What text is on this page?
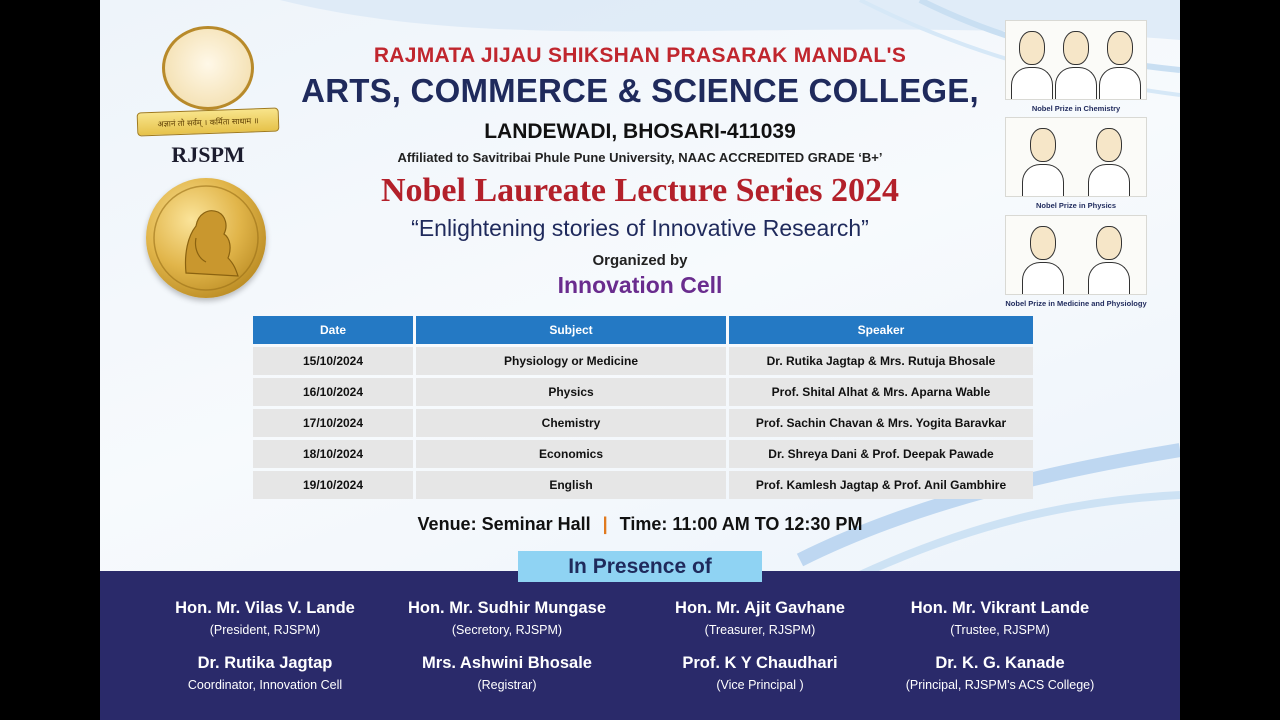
अज्ञानं तो सर्वम् । कर्मिता साधाम ॥
RJSPM
RAJMATA JIJAU SHIKSHAN PRASARAK MANDAL'S
ARTS, COMMERCE & SCIENCE COLLEGE,
LANDEWADI, BHOSARI-411039
Affiliated to Savitribai Phule Pune University, NAAC ACCREDITED GRADE ‘B+’
Nobel Laureate Lecture Series 2024
“Enlightening stories of Innovative Research”
Organized by
Innovation Cell
Nobel Prize in Chemistry
Nobel Prize in Physics
Nobel Prize in Medicine and Physiology
Date	Subject	Speaker
15/10/2024	Physiology or Medicine	Dr. Rutika Jagtap & Mrs. Rutuja Bhosale
16/10/2024	Physics	Prof. Shital Alhat & Mrs. Aparna Wable
17/10/2024	Chemistry	Prof. Sachin Chavan & Mrs. Yogita Baravkar
18/10/2024	Economics	Dr. Shreya Dani & Prof. Deepak Pawade
19/10/2024	English	Prof. Kamlesh Jagtap & Prof. Anil Gambhire
Venue: Seminar Hall | Time: 11:00 AM TO 12:30 PM
In Presence of
Hon. Mr. Vilas V. Lande
(President, RJSPM)
Hon. Mr. Sudhir Mungase
(Secretory, RJSPM)
Hon. Mr. Ajit Gavhane
(Treasurer, RJSPM)
Hon. Mr. Vikrant Lande
(Trustee, RJSPM)
Dr. Rutika Jagtap
Coordinator, Innovation Cell
Mrs. Ashwini Bhosale
(Registrar)
Prof. K Y Chaudhari
(Vice Principal )
Dr. K. G. Kanade
(Principal, RJSPM's ACS College)
